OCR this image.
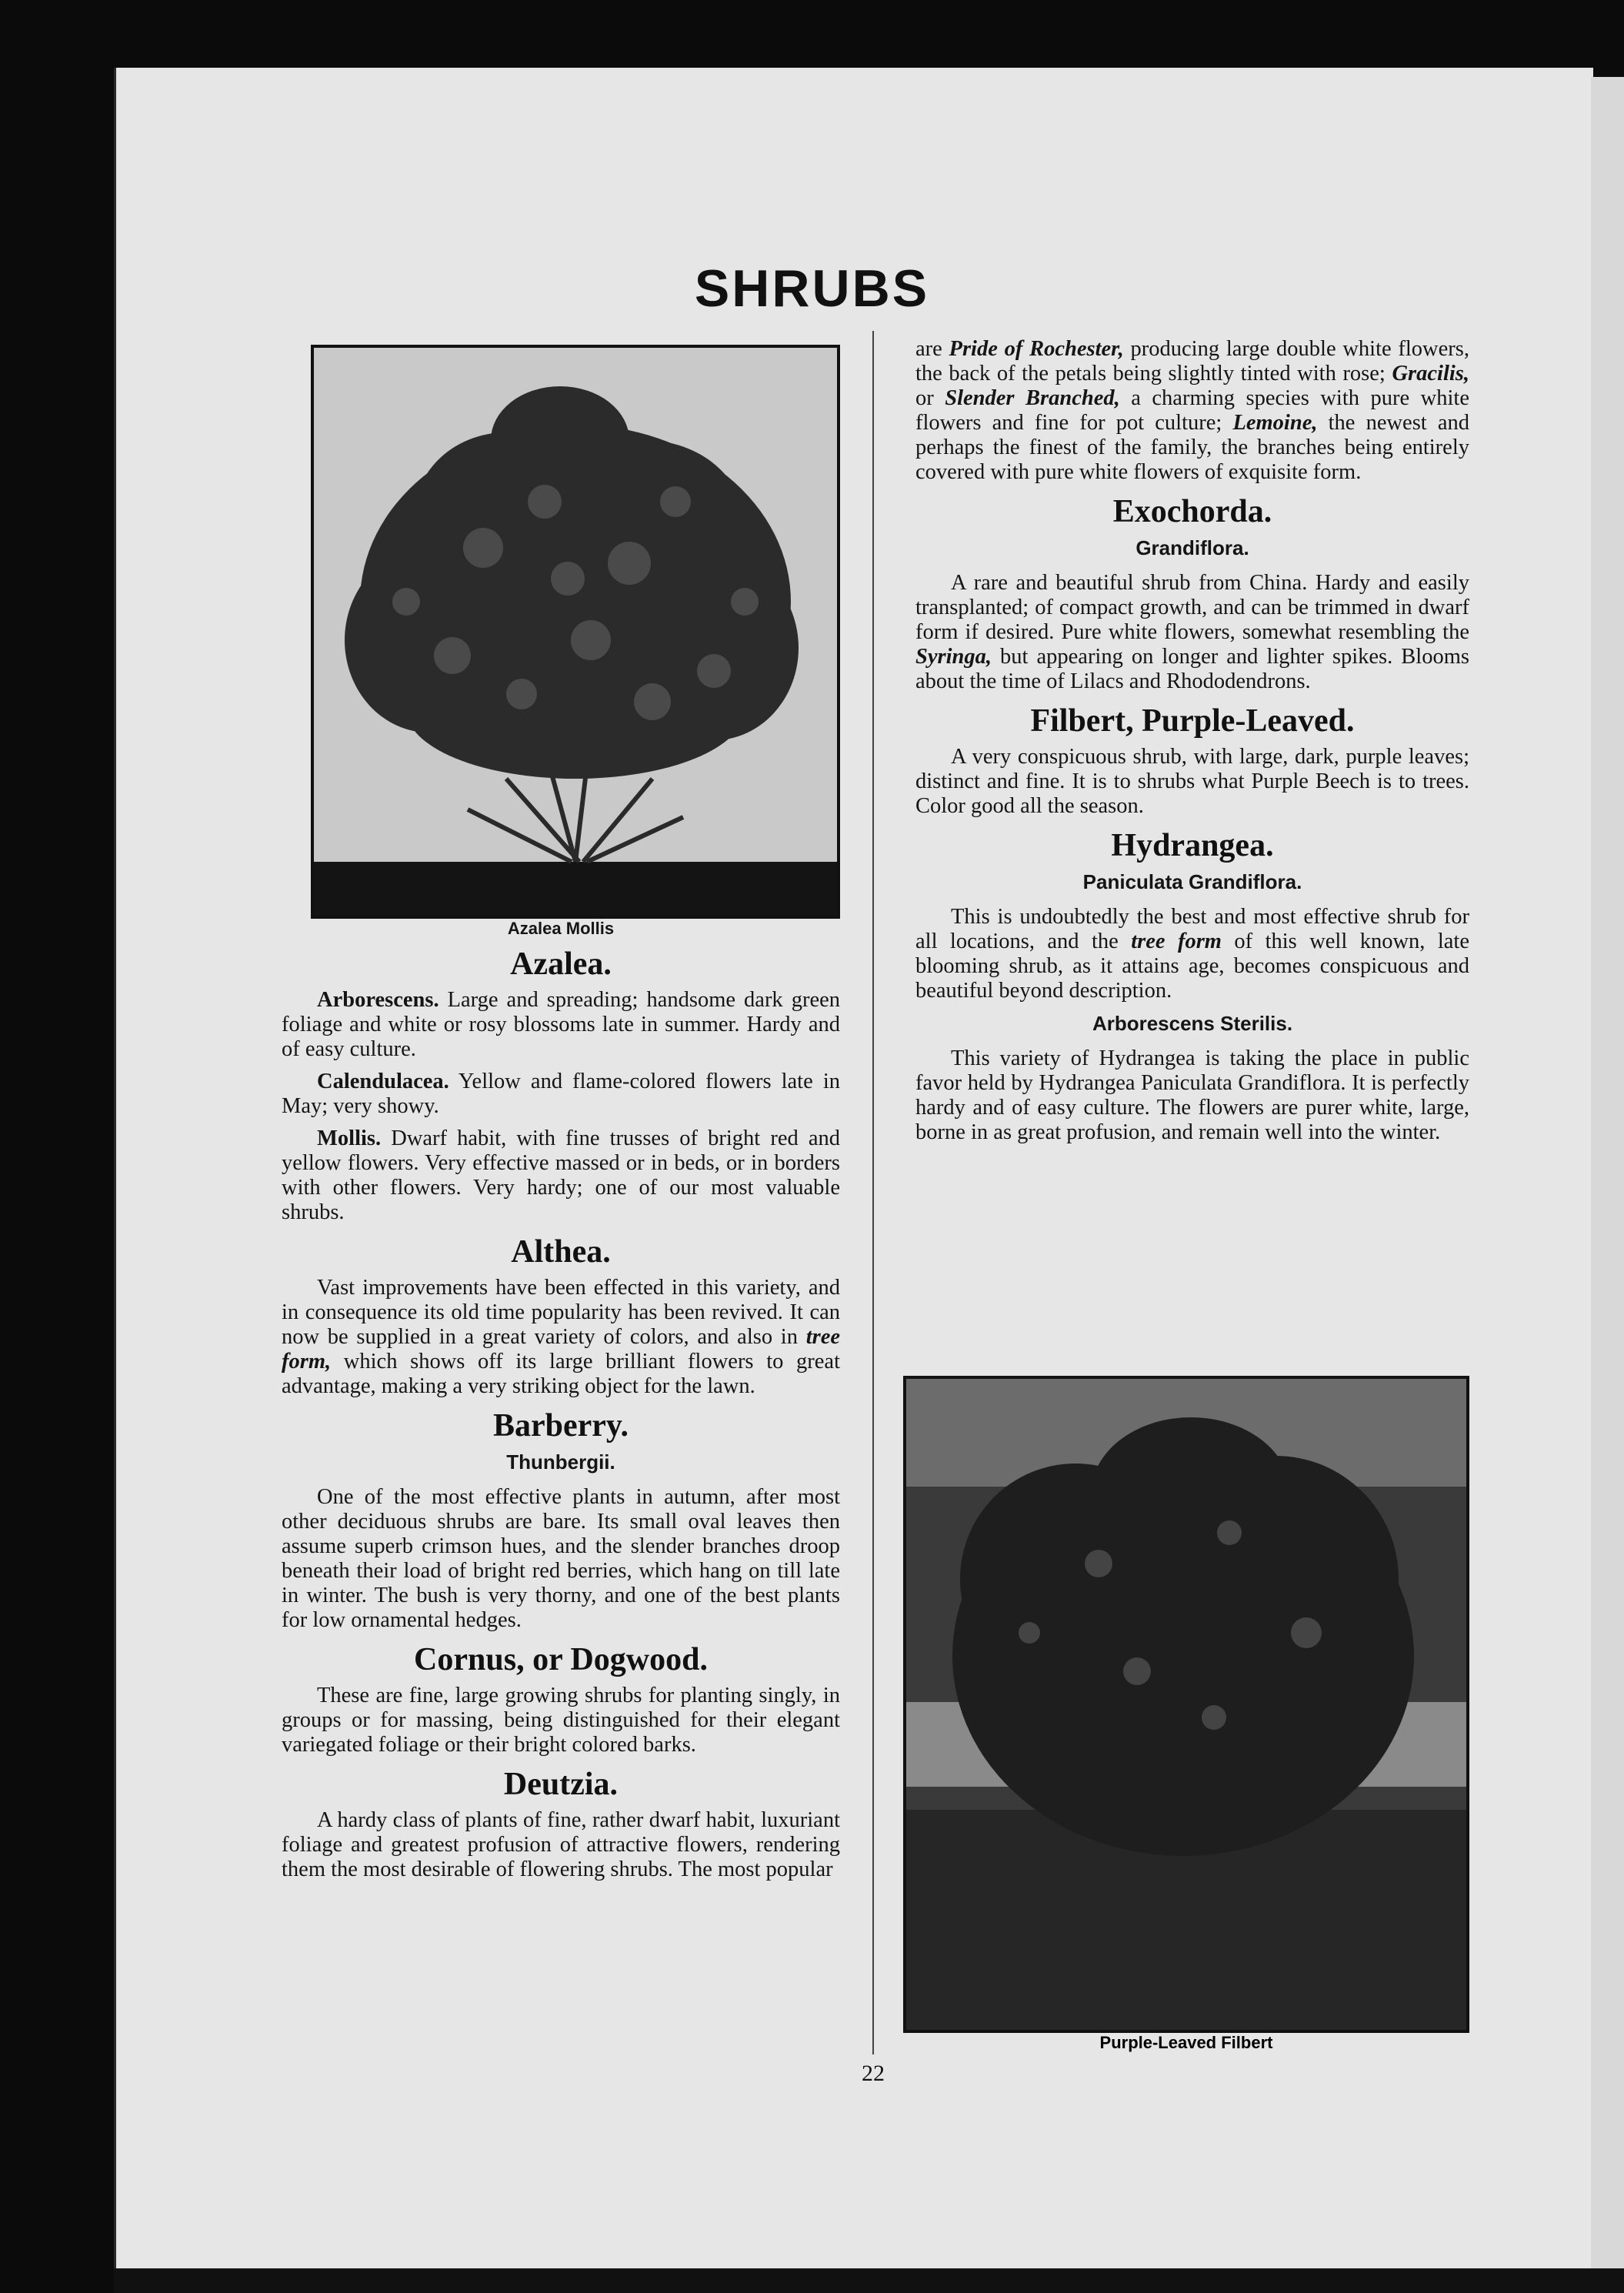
SHRUBS
Azalea Mollis
Azalea.

Arborescens. Large and spreading; handsome dark green foliage and white or rosy blossoms late in summer. Hardy and of easy culture.

Calendulacea. Yellow and flame-colored flowers late in May; very showy.

Mollis. Dwarf habit, with fine trusses of bright red and yellow flowers. Very effective massed or in beds, or in borders with other flowers. Very hardy; one of our most valuable shrubs.

Althea.

Vast improvements have been effected in this variety, and in consequence its old time popularity has been revived. It can now be supplied in a great variety of colors, and also in tree form, which shows off its large brilliant flowers to great advantage, making a very striking object for the lawn.

Barberry.
Thunbergii.

One of the most effective plants in autumn, after most other deciduous shrubs are bare. Its small oval leaves then assume superb crimson hues, and the slender branches droop beneath their load of bright red berries, which hang on till late in winter. The bush is very thorny, and one of the best plants for low ornamental hedges.

Cornus, or Dogwood.

These are fine, large growing shrubs for planting singly, in groups or for massing, being distinguished for their elegant variegated foliage or their bright colored barks.

Deutzia.

A hardy class of plants of fine, rather dwarf habit, luxuriant foliage and greatest profusion of attractive flowers, rendering them the most desirable of flowering shrubs. The most popular

are Pride of Rochester, producing large double white flowers, the back of the petals being slightly tinted with rose; Gracilis, or Slender Branched, a charming species with pure white flowers and fine for pot culture; Lemoine, the newest and perhaps the finest of the family, the branches being entirely covered with pure white flowers of exquisite form.

Exochorda.
Grandiflora.

A rare and beautiful shrub from China. Hardy and easily transplanted; of compact growth, and can be trimmed in dwarf form if desired. Pure white flowers, somewhat resembling the Syringa, but appearing on longer and lighter spikes. Blooms about the time of Lilacs and Rhododendrons.

Filbert, Purple-Leaved.

A very conspicuous shrub, with large, dark, purple leaves; distinct and fine. It is to shrubs what Purple Beech is to trees. Color good all the season.

Hydrangea.
Paniculata Grandiflora.

This is undoubtedly the best and most effective shrub for all locations, and the tree form of this well known, late blooming shrub, as it attains age, becomes conspicuous and beautiful beyond description.

Arborescens Sterilis.

This variety of Hydrangea is taking the place in public favor held by Hydrangea Paniculata Grandiflora. It is perfectly hardy and of easy culture. The flowers are purer white, large, borne in as great profusion, and remain well into the winter.

Purple-Leaved Filbert
22
